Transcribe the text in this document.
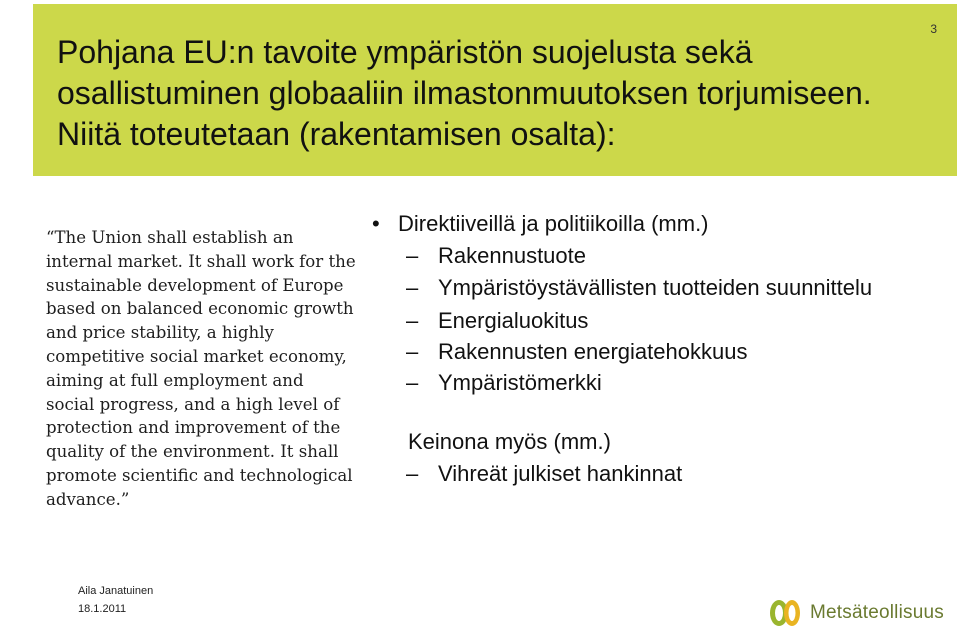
3
Pohjana EU:n tavoite ympäristön suojelusta sekä osallistuminen globaaliin ilmastonmuutoksen torjumiseen. Niitä toteutetaan (rakentamisen osalta):

“The Union shall establish an internal market. It shall work for the sustainable development of Europe based on balanced economic growth and price stability, a highly competitive social market economy, aiming at full employment and social progress, and a high level of protection and improvement of the quality of the environment. It shall promote scientific and technological advance.”

• Direktiiveillä ja politiikoilla (mm.)
– Rakennustuote
– Ympäristöystävällisten tuotteiden suunnittelu
– Energialuokitus
– Rakennusten energiatehokkuus
– Ympäristömerkki
Keinona myös (mm.)
– Vihreät julkiset hankinnat
Aila Janatuinen
18.1.2011	Metsäteollisuus
